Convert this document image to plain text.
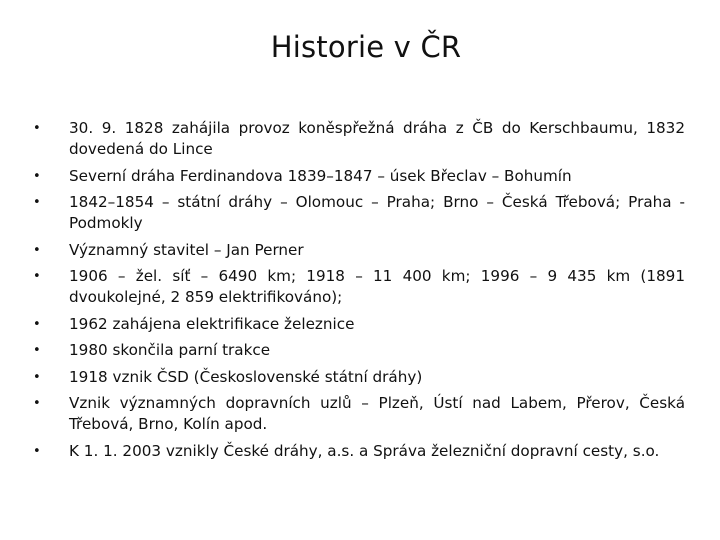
Historie v ČR
• 30. 9. 1828 zahájila provoz koněspřežná dráha z ČB do Kerschbaumu, 1832 dovedená do Lince
• Severní dráha Ferdinandova 1839–1847 – úsek Břeclav – Bohumín
• 1842–1854 – státní dráhy – Olomouc – Praha; Brno – Česká Třebová; Praha - Podmokly
• Významný stavitel – Jan Perner
• 1906 – žel. síť – 6490 km; 1918 – 11 400 km; 1996 – 9 435 km (1891 dvoukolejné, 2 859 elektrifikováno);
• 1962 zahájena elektrifikace železnice
• 1980 skončila parní trakce
• 1918 vznik ČSD (Československé státní dráhy)
• Vznik významných dopravních uzlů – Plzeň, Ústí nad Labem, Přerov, Česká Třebová, Brno, Kolín apod.
• K 1. 1. 2003 vznikly České dráhy, a.s. a Správa železniční dopravní cesty, s.o.
